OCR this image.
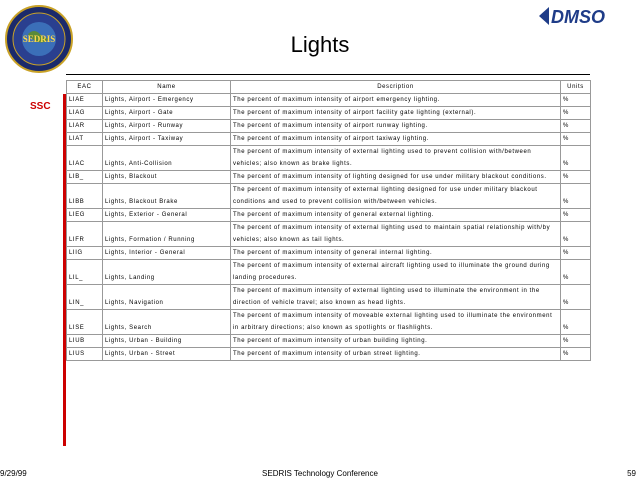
SEDRIS
DMSO
Lights
SSC
EAC	Name	Description	Units
LIAE	Lights, Airport - Emergency	The percent of maximum intensity of airport emergency lighting.	%
LIAG	Lights, Airport - Gate	The percent of maximum intensity of airport facility gate lighting (external).	%
LIAR	Lights, Airport - Runway	The percent of maximum intensity of airport runway lighting.	%
LIAT	Lights, Airport - Taxiway	The percent of maximum intensity of airport taxiway lighting.	%
LIAC	Lights, Anti-Collision	The percent of maximum intensity of external lighting used to prevent collision with/between vehicles; also known as brake lights.	%
LIB_	Lights, Blackout	The percent of maximum intensity of lighting designed for use under military blackout conditions.	%
LIBB	Lights, Blackout Brake	The percent of maximum intensity of external lighting designed for use under military blackout conditions and used to prevent collision with/between vehicles.	%
LIEG	Lights, Exterior - General	The percent of maximum intensity of general external lighting.	%
LIFR	Lights, Formation / Running	The percent of maximum intensity of external lighting used to maintain spatial relationship with/by vehicles; also known as tail lights.	%
LIIG	Lights, Interior - General	The percent of maximum intensity of general internal lighting.	%
LIL_	Lights, Landing	The percent of maximum intensity of external aircraft lighting used to illuminate the ground during landing procedures.	%
LIN_	Lights, Navigation	The percent of maximum intensity of external lighting used to illuminate the environment in the direction of vehicle travel; also known as head lights.	%
LISE	Lights, Search	The percent of maximum intensity of moveable external lighting used to illuminate the environment in arbitrary directions; also known as spotlights or flashlights.	%
LIUB	Lights, Urban - Building	The percent of maximum intensity of urban building lighting.	%
LIUS	Lights, Urban - Street	The percent of maximum intensity of urban street lighting.	%
9/29/99	SEDRIS Technology Conference	59
